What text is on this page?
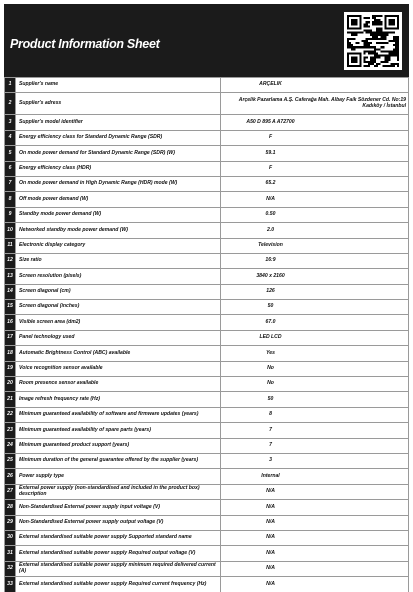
Product Information Sheet
1	Supplier's name	ARÇELIK
2	Supplier's adress	Arçelik Pazarlama A.Ş. Caferağa Mah. Albay Faik Sözdener Cd. No:19 Kadıköy / İstanbul
3	Supplier's model identifier	A50 D 895 A A72700
4	Energy efficiency class for Standard Dynamic Range (SDR)	F
5	On mode power demand for Standard Dynamic Range (SDR) (W)	59.1
6	Energy efficiency class (HDR)	F
7	On mode power demand in High Dynamic Range (HDR) mode (W)	65.2
8	Off mode power demand (W)	N/A
9	Standby mode power demand (W)	0.50
10	Networked standby mode power demand (W)	2.0
11	Electronic display category	Television
12	Size ratio	16:9
13	Screen resolution (pixels)	3840 x 2160
14	Screen diagonal (cm)	126
15	Screen diagonal (inches)	50
16	Visible screen area (dm2)	67.0
17	Panel technology used	LED LCD
18	Automatic Brightness Control (ABC) available	Yes
19	Voice recognition sensor available	No
20	Room presence sensor available	No
21	Image refresh frequency rate (Hz)	50
22	Minimum guaranteed availability of software and firmware updates (years)	8
23	Minimum guaranteed availability of spare parts (years)	7
24	Minimum guaranteed product support (years)	7
25	Minimum duration of the general guarantee offered by the supplier (years)	3
26	Power supply type	Internal
27	External power supply (non-standardised and included in the product box) description	N/A
28	Non-Standardised External power supply input voltage (V)	N/A
29	Non-Standardised External power supply output voltage (V)	N/A
30	External standardised suitable power supply Supported standard name	N/A
31	External standardised suitable power supply Required output voltage (V)	N/A
32	External standardised suitable power supply minimum required delivered current (A)	N/A
33	External standardised suitable power supply Required current frequency (Hz)	N/A
